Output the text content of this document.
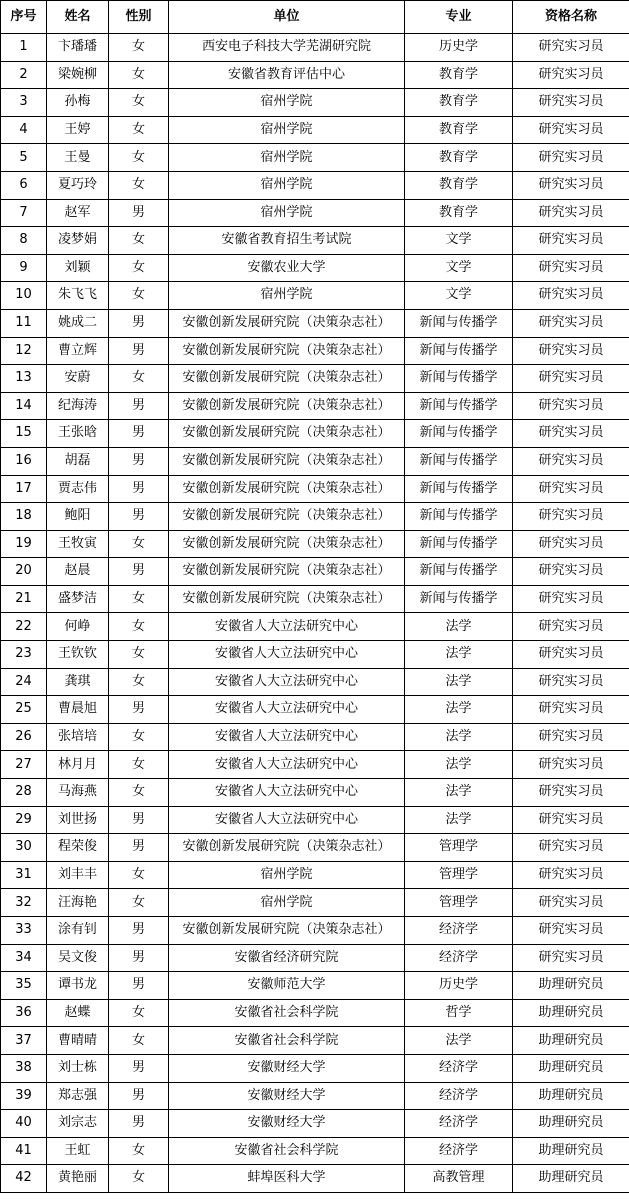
序号	姓名	性别	单位	专业	资格名称
1	卞璠璠	女	西安电子科技大学芜湖研究院	历史学	研究实习员
2	梁婉柳	女	安徽省教育评估中心	教育学	研究实习员
3	孙梅	女	宿州学院	教育学	研究实习员
4	王婷	女	宿州学院	教育学	研究实习员
5	王曼	女	宿州学院	教育学	研究实习员
6	夏巧玲	女	宿州学院	教育学	研究实习员
7	赵军	男	宿州学院	教育学	研究实习员
8	凌梦娟	女	安徽省教育招生考试院	文学	研究实习员
9	刘颖	女	安徽农业大学	文学	研究实习员
10	朱飞飞	女	宿州学院	文学	研究实习员
11	姚成二	男	安徽创新发展研究院（决策杂志社）	新闻与传播学	研究实习员
12	曹立辉	男	安徽创新发展研究院（决策杂志社）	新闻与传播学	研究实习员
13	安蔚	女	安徽创新发展研究院（决策杂志社）	新闻与传播学	研究实习员
14	纪海涛	男	安徽创新发展研究院（决策杂志社）	新闻与传播学	研究实习员
15	王张晗	男	安徽创新发展研究院（决策杂志社）	新闻与传播学	研究实习员
16	胡磊	男	安徽创新发展研究院（决策杂志社）	新闻与传播学	研究实习员
17	贾志伟	男	安徽创新发展研究院（决策杂志社）	新闻与传播学	研究实习员
18	鲍阳	男	安徽创新发展研究院（决策杂志社）	新闻与传播学	研究实习员
19	王牧寅	女	安徽创新发展研究院（决策杂志社）	新闻与传播学	研究实习员
20	赵晨	男	安徽创新发展研究院（决策杂志社）	新闻与传播学	研究实习员
21	盛梦洁	女	安徽创新发展研究院（决策杂志社）	新闻与传播学	研究实习员
22	何峥	女	安徽省人大立法研究中心	法学	研究实习员
23	王钦钦	女	安徽省人大立法研究中心	法学	研究实习员
24	龚琪	女	安徽省人大立法研究中心	法学	研究实习员
25	曹晨旭	男	安徽省人大立法研究中心	法学	研究实习员
26	张培培	女	安徽省人大立法研究中心	法学	研究实习员
27	林月月	女	安徽省人大立法研究中心	法学	研究实习员
28	马海燕	女	安徽省人大立法研究中心	法学	研究实习员
29	刘世扬	男	安徽省人大立法研究中心	法学	研究实习员
30	程荣俊	男	安徽创新发展研究院（决策杂志社）	管理学	研究实习员
31	刘丰丰	女	宿州学院	管理学	研究实习员
32	汪海艳	女	宿州学院	管理学	研究实习员
33	涂有钊	男	安徽创新发展研究院（决策杂志社）	经济学	研究实习员
34	吴文俊	男	安徽省经济研究院	经济学	研究实习员
35	谭书龙	男	安徽师范大学	历史学	助理研究员
36	赵蝶	女	安徽省社会科学院	哲学	助理研究员
37	曹晴晴	女	安徽省社会科学院	法学	助理研究员
38	刘士栋	男	安徽财经大学	经济学	助理研究员
39	郑志强	男	安徽财经大学	经济学	助理研究员
40	刘宗志	男	安徽财经大学	经济学	助理研究员
41	王虹	女	安徽省社会科学院	经济学	助理研究员
42	黄艳丽	女	蚌埠医科大学	高教管理	助理研究员
